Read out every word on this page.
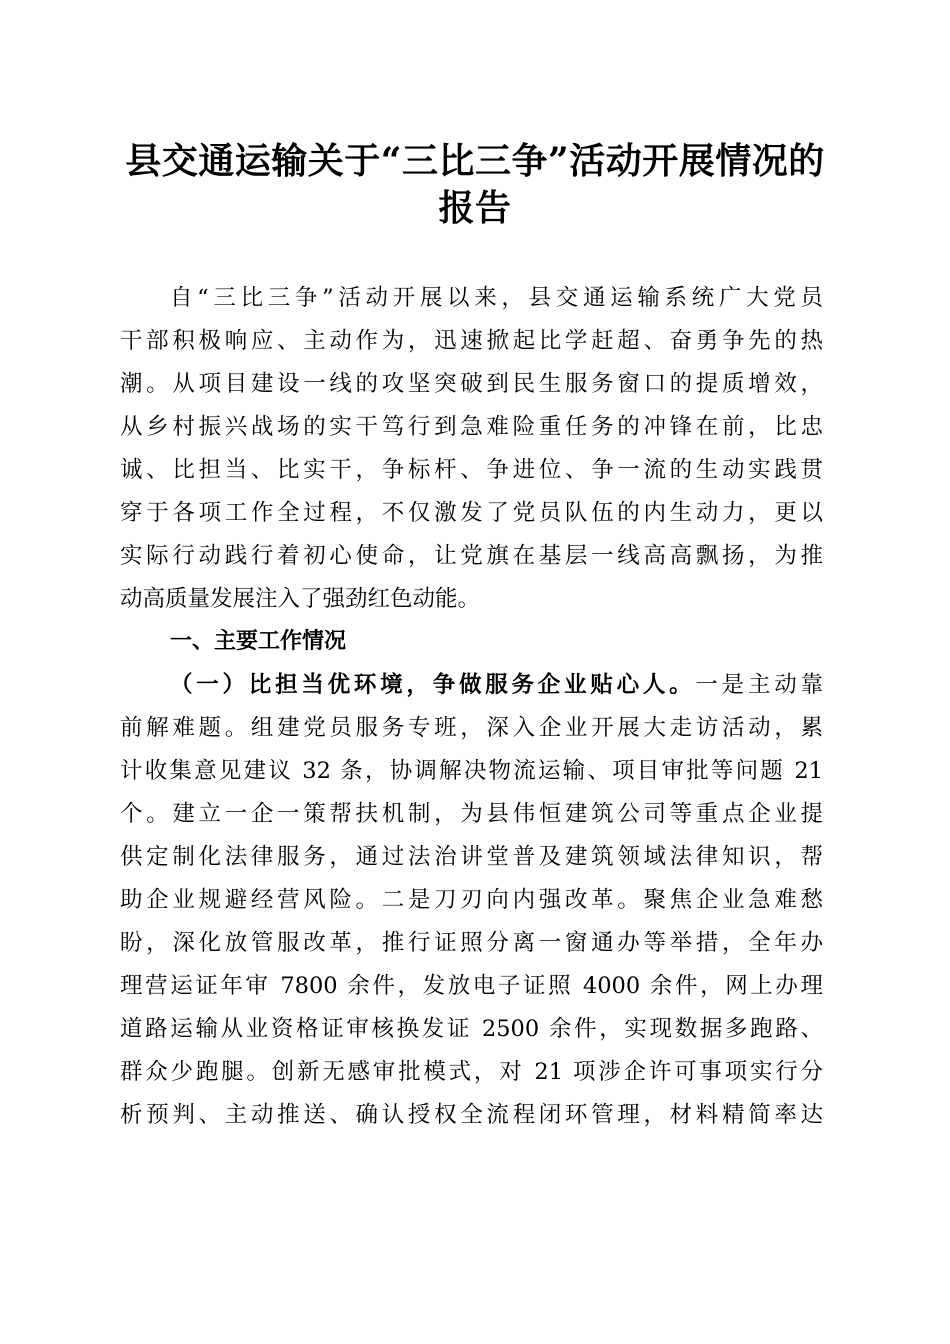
县交通运输关于“三比三争”活动开展情况的
报告
自“三比三争”活动开展以来，县交通运输系统广大党员
干部积极响应、主动作为，迅速掀起比学赶超、奋勇争先的热
潮。从项目建设一线的攻坚突破到民生服务窗口的提质增效，
从乡村振兴战场的实干笃行到急难险重任务的冲锋在前，比忠
诚、比担当、比实干，争标杆、争进位、争一流的生动实践贯
穿于各项工作全过程，不仅激发了党员队伍的内生动力，更以
实际行动践行着初心使命，让党旗在基层一线高高飘扬，为推
动高质量发展注入了强劲红色动能。
一、主要工作情况
（一）比担当优环境，争做服务企业贴心人。一是主动靠
前解难题。组建党员服务专班，深入企业开展大走访活动，累
计收集意见建议 32 条，协调解决物流运输、项目审批等问题 21
个。建立一企一策帮扶机制，为县伟恒建筑公司等重点企业提
供定制化法律服务，通过法治讲堂普及建筑领域法律知识，帮
助企业规避经营风险。二是刀刃向内强改革。聚焦企业急难愁
盼，深化放管服改革，推行证照分离一窗通办等举措，全年办
理营运证年审 7800 余件，发放电子证照 4000 余件，网上办理
道路运输从业资格证审核换发证 2500 余件，实现数据多跑路、
群众少跑腿。创新无感审批模式，对 21 项涉企许可事项实行分
析预判、主动推送、确认授权全流程闭环管理，材料精简率达
